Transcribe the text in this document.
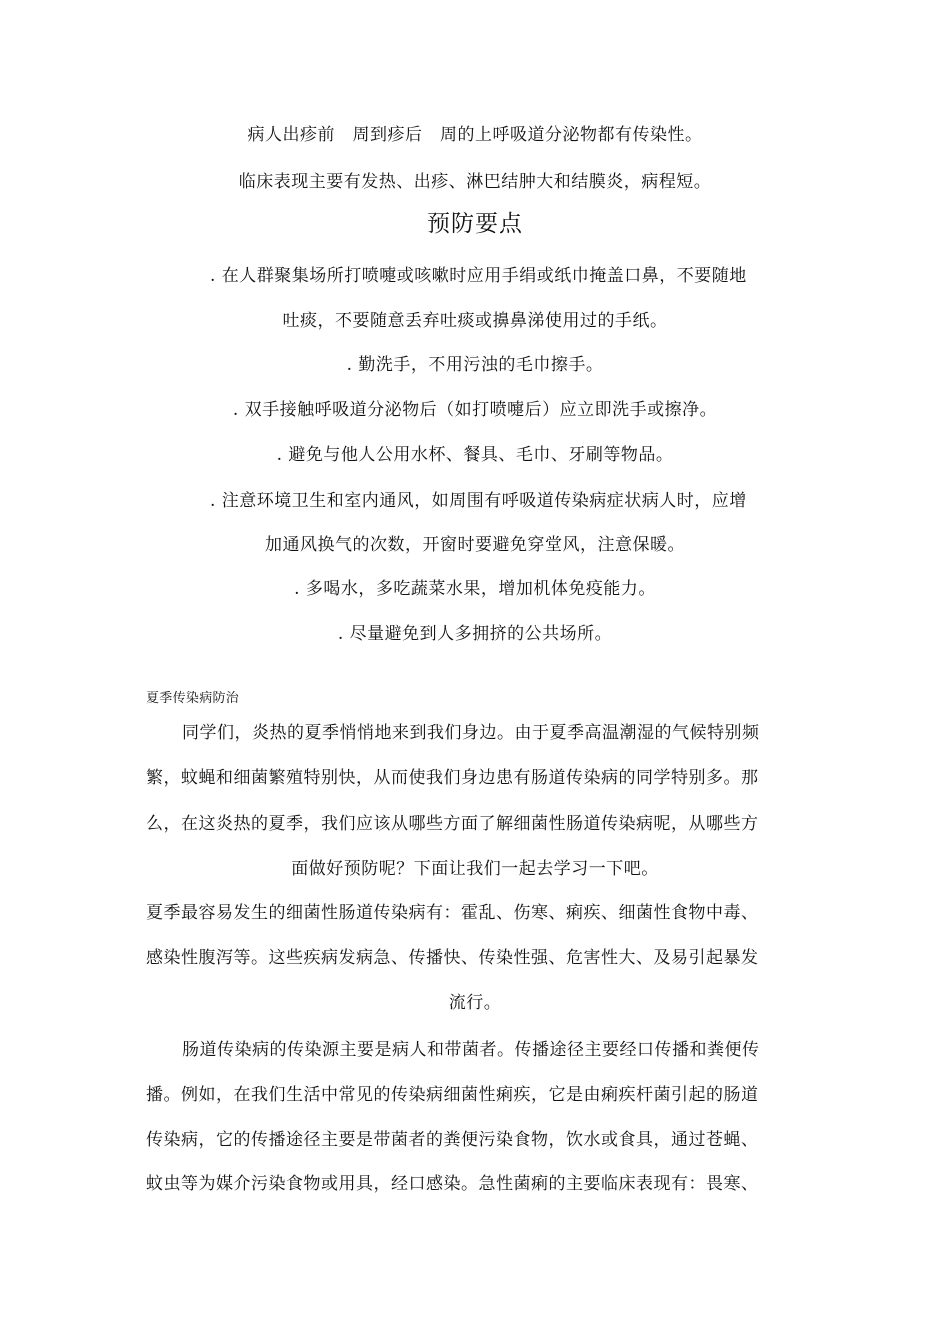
病人出疹前　周到疹后　周的上呼吸道分泌物都有传染性。
临床表现主要有发热、出疹、淋巴结肿大和结膜炎，病程短。
预防要点
. 在人群聚集场所打喷嚏或咳嗽时应用手绢或纸巾掩盖口鼻，不要随地
吐痰，不要随意丢弃吐痰或擤鼻涕使用过的手纸。
. 勤洗手，不用污浊的毛巾擦手。
. 双手接触呼吸道分泌物后（如打喷嚏后）应立即洗手或擦净。
. 避免与他人公用水杯、餐具、毛巾、牙刷等物品。
. 注意环境卫生和室内通风，如周围有呼吸道传染病症状病人时，应增
加通风换气的次数，开窗时要避免穿堂风，注意保暖。
. 多喝水，多吃蔬菜水果，增加机体免疫能力。
. 尽量避免到人多拥挤的公共场所。
夏季传染病防治
同学们，炎热的夏季悄悄地来到我们身边。由于夏季高温潮湿的气候特别频
繁，蚊蝇和细菌繁殖特别快，从而使我们身边患有肠道传染病的同学特别多。那
么，在这炎热的夏季，我们应该从哪些方面了解细菌性肠道传染病呢，从哪些方
面做好预防呢？下面让我们一起去学习一下吧。
夏季最容易发生的细菌性肠道传染病有：霍乱、伤寒、痢疾、细菌性食物中毒、
感染性腹泻等。这些疾病发病急、传播快、传染性强、危害性大、及易引起暴发
流行。
肠道传染病的传染源主要是病人和带菌者。传播途径主要经口传播和粪便传
播。例如，在我们生活中常见的传染病细菌性痢疾，它是由痢疾杆菌引起的肠道
传染病，它的传播途径主要是带菌者的粪便污染食物，饮水或食具，通过苍蝇、
蚊虫等为媒介污染食物或用具，经口感染。急性菌痢的主要临床表现有：畏寒、
